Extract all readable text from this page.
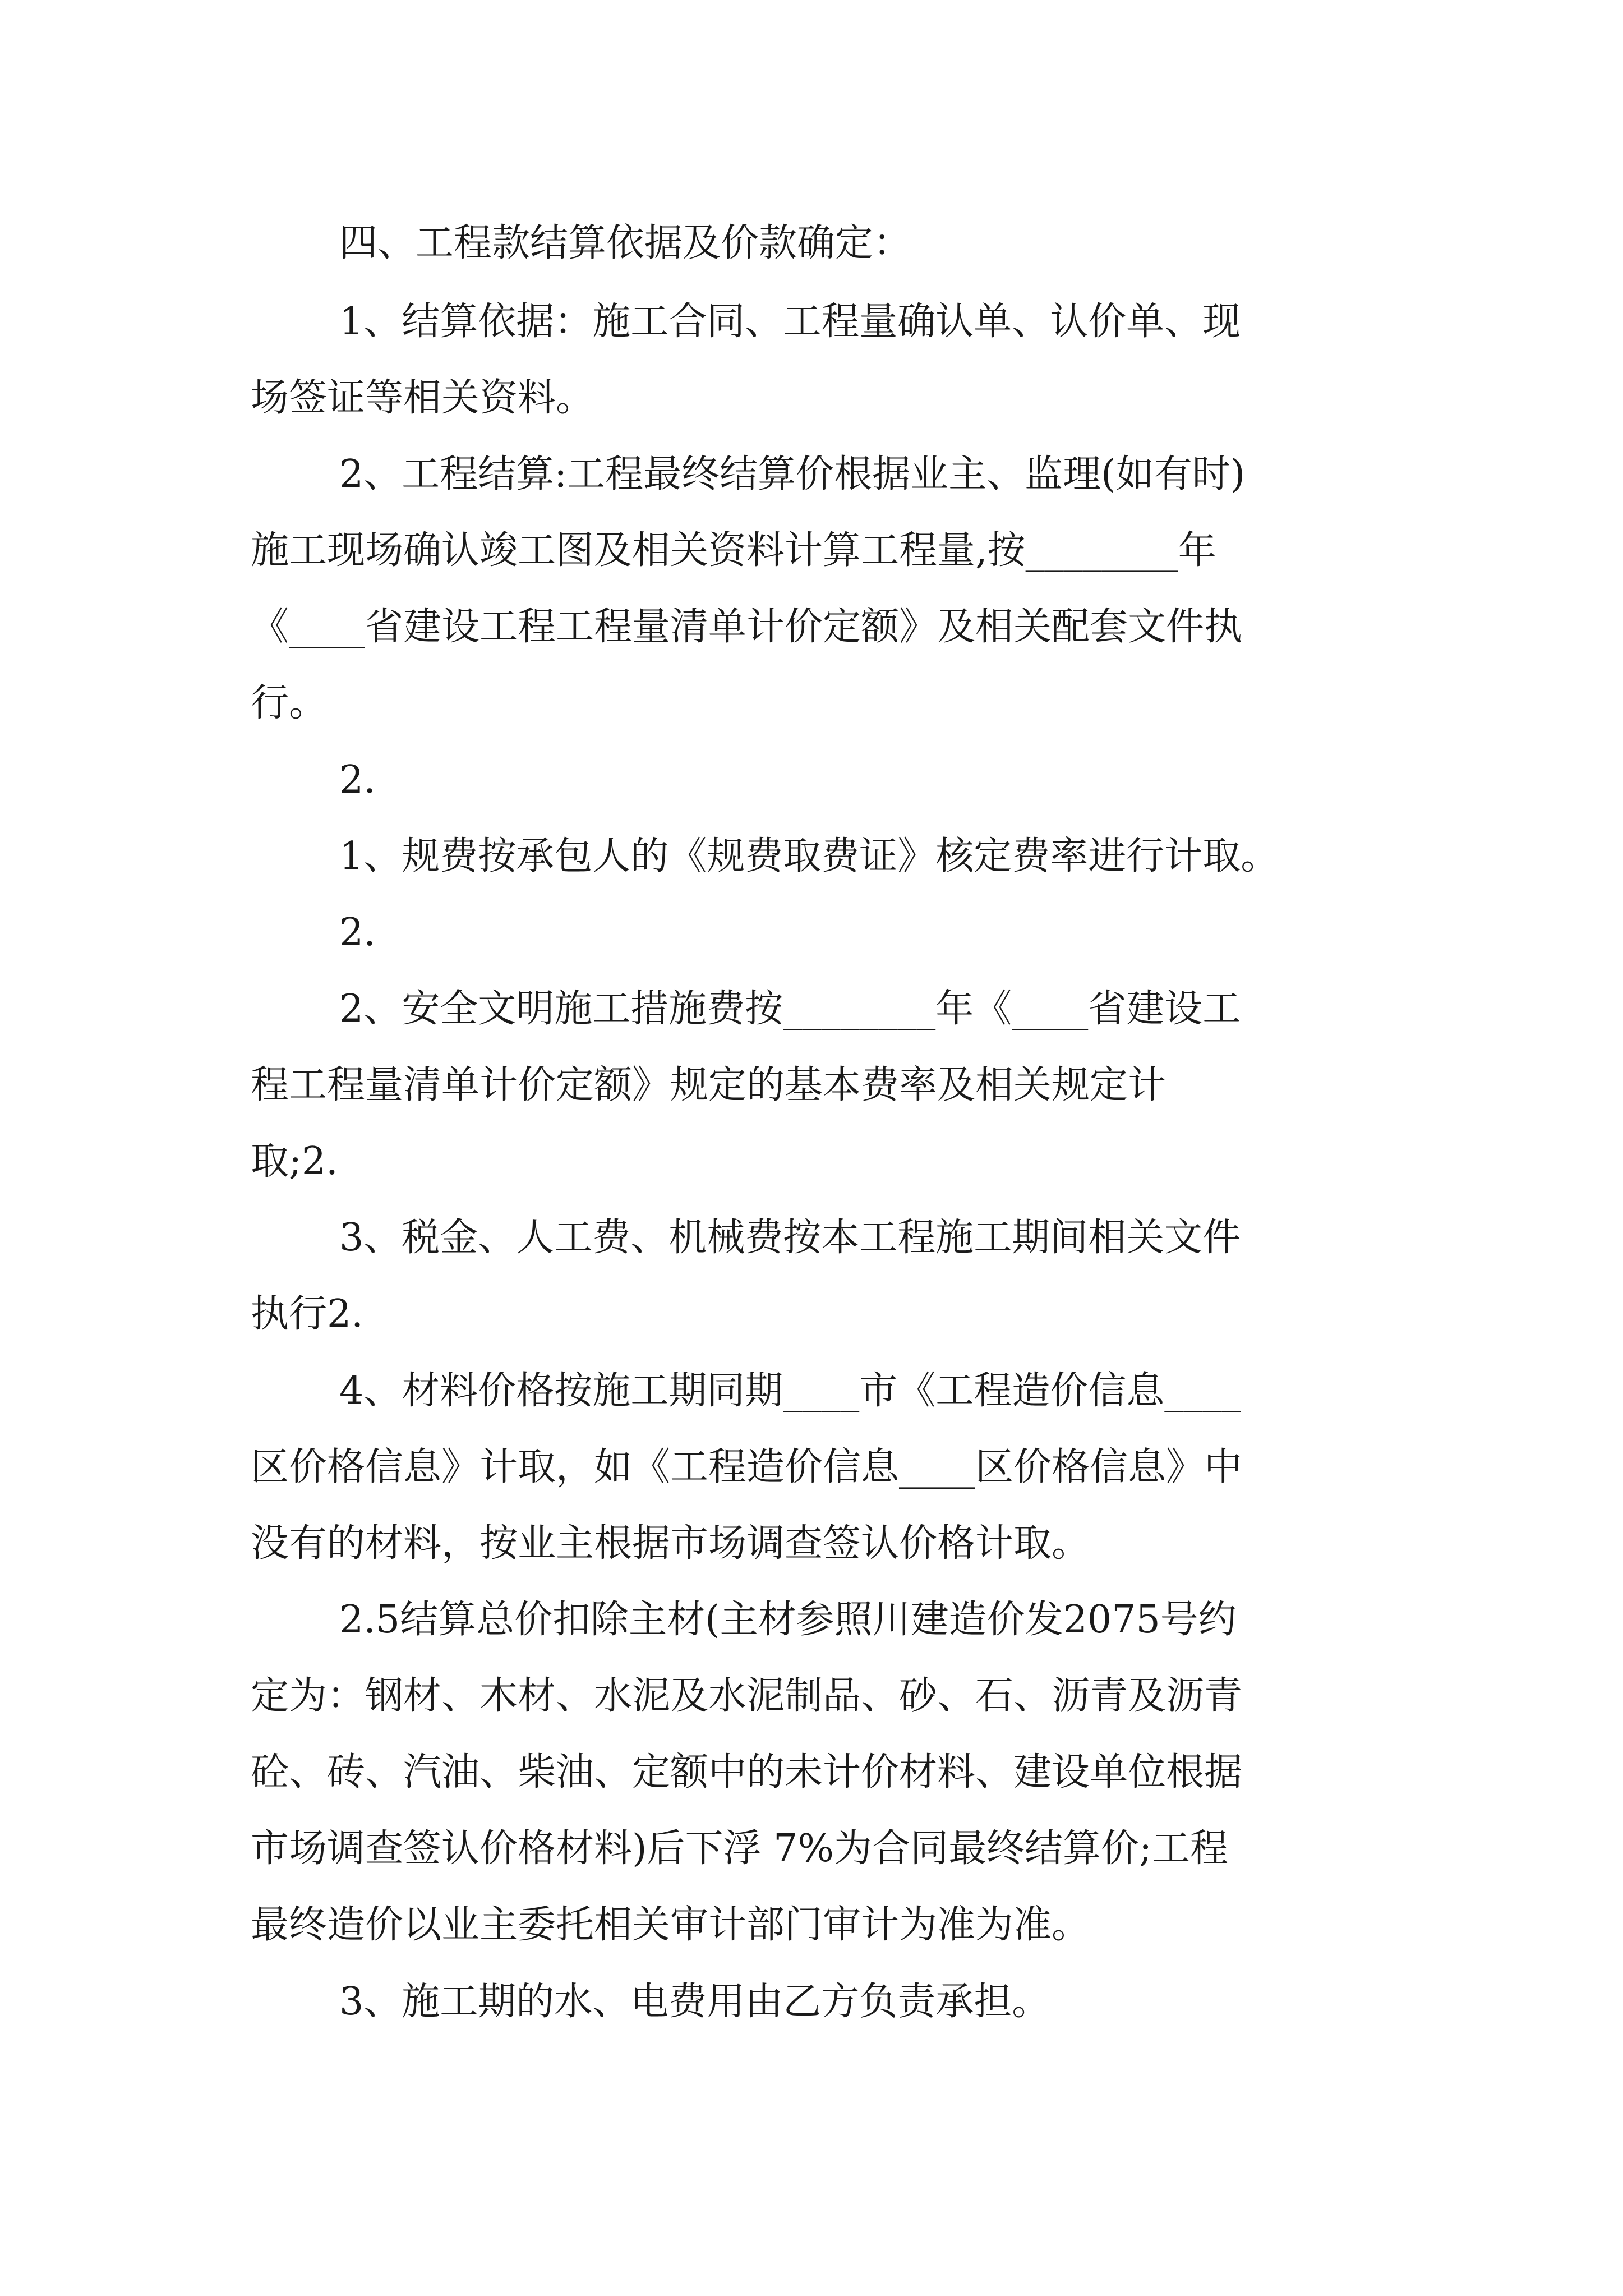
四、工程款结算依据及价款确定：
1、结算依据：施工合同、工程量确认单、认价单、现
场签证等相关资料。
2、工程结算:工程最终结算价根据业主、监理(如有时)
施工现场确认竣工图及相关资料计算工程量,按________年
《____省建设工程工程量清单计价定额》及相关配套文件执
行。
2.
1、规费按承包人的《规费取费证》核定费率进行计取。
2.
2、安全文明施工措施费按________年《____省建设工
程工程量清单计价定额》规定的基本费率及相关规定计
取;2.
3、税金、人工费、机械费按本工程施工期间相关文件
执行2.
4、材料价格按施工期同期____市《工程造价信息____
区价格信息》计取，如《工程造价信息____区价格信息》中
没有的材料，按业主根据市场调查签认价格计取。
2.5结算总价扣除主材(主材参照川建造价发2075号约
定为：钢材、木材、水泥及水泥制品、砂、石、沥青及沥青
砼、砖、汽油、柴油、定额中的未计价材料、建设单位根据
市场调查签认价格材料)后下浮 7%为合同最终结算价;工程
最终造价以业主委托相关审计部门审计为准为准。
3、施工期的水、电费用由乙方负责承担。
